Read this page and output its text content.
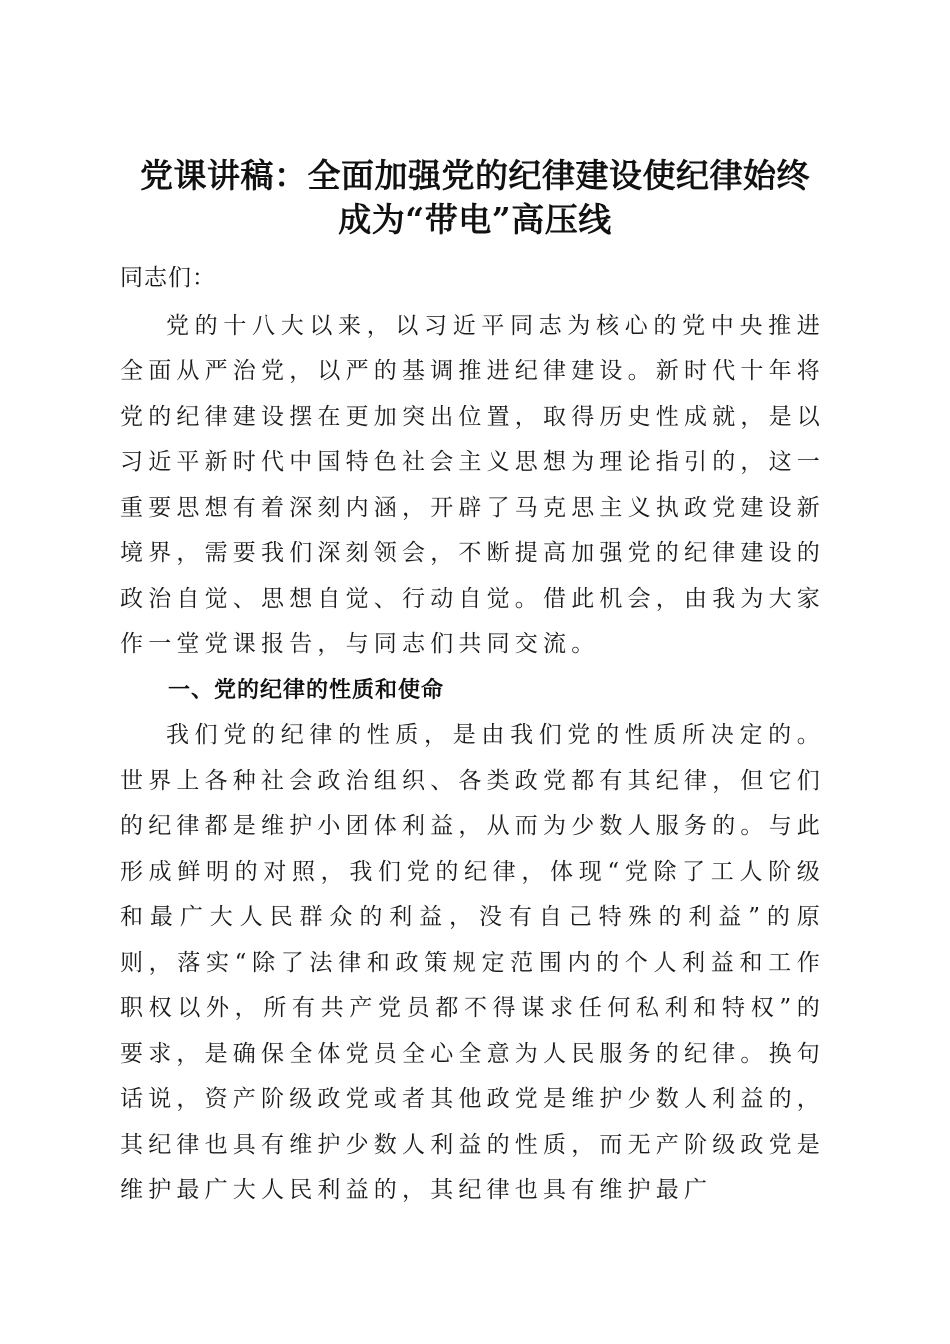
党课讲稿：全面加强党的纪律建设使纪律始终
成为“带电”高压线

同志们：

党的十八大以来，以习近平同志为核心的党中央推进全面从严治党，以严的基调推进纪律建设。新时代十年将党的纪律建设摆在更加突出位置，取得历史性成就，是以习近平新时代中国特色社会主义思想为理论指引的，这一重要思想有着深刻内涵，开辟了马克思主义执政党建设新境界，需要我们深刻领会，不断提高加强党的纪律建设的政治自觉、思想自觉、行动自觉。借此机会，由我为大家作一堂党课报告，与同志们共同交流。

一、党的纪律的性质和使命

我们党的纪律的性质，是由我们党的性质所决定的。世界上各种社会政治组织、各类政党都有其纪律，但它们的纪律都是维护小团体利益，从而为少数人服务的。与此形成鲜明的对照，我们党的纪律，体现“党除了工人阶级和最广大人民群众的利益，没有自己特殊的利益”的原则，落实“除了法律和政策规定范围内的个人利益和工作职权以外，所有共产党员都不得谋求任何私利和特权”的要求，是确保全体党员全心全意为人民服务的纪律。换句话说，资产阶级政党或者其他政党是维护少数人利益的，其纪律也具有维护少数人利益的性质，而无产阶级政党是维护最广大人民利益的，其纪律也具有维护最广
